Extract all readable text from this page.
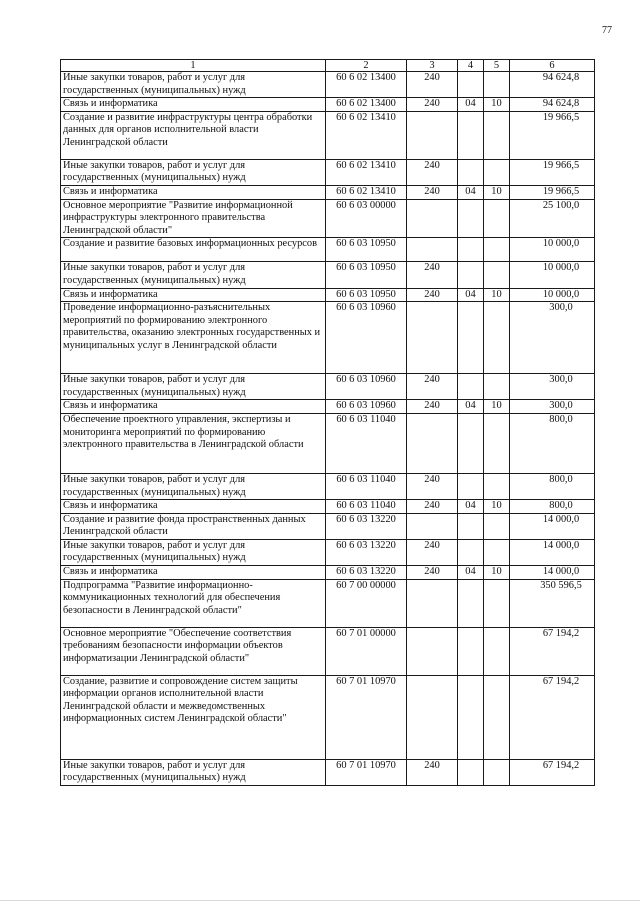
77
1	2	3	4	5	6
Иные закупки товаров, работ и услуг для государственных (муниципальных) нужд	60 6 02 13400	240			94 624,8
Связь и информатика	60 6 02 13400	240	04	10	94 624,8
Создание и развитие инфраструктуры центра обработки данных для органов исполнительной власти Ленинградской области	60 6 02 13410				19 966,5
Иные закупки товаров, работ и услуг для государственных (муниципальных) нужд	60 6 02 13410	240			19 966,5
Связь и информатика	60 6 02 13410	240	04	10	19 966,5
Основное мероприятие "Развитие информационной инфраструктуры электронного правительства Ленинградской области"	60 6 03 00000				25 100,0
Создание и развитие базовых информационных ресурсов	60 6 03 10950				10 000,0
Иные закупки товаров, работ и услуг для государственных (муниципальных) нужд	60 6 03 10950	240			10 000,0
Связь и информатика	60 6 03 10950	240	04	10	10 000,0
Проведение информационно-разъяснительных мероприятий по формированию электронного правительства, оказанию электронных государственных и муниципальных услуг в Ленинградской области	60 6 03 10960				300,0
Иные закупки товаров, работ и услуг для государственных (муниципальных) нужд	60 6 03 10960	240			300,0
Связь и информатика	60 6 03 10960	240	04	10	300,0
Обеспечение проектного управления, экспертизы и мониторинга мероприятий по формированию электронного правительства в Ленинградской области	60 6 03 11040				800,0
Иные закупки товаров, работ и услуг для государственных (муниципальных) нужд	60 6 03 11040	240			800,0
Связь и информатика	60 6 03 11040	240	04	10	800,0
Создание и развитие фонда пространственных данных Ленинградской области	60 6 03 13220				14 000,0
Иные закупки товаров, работ и услуг для государственных (муниципальных) нужд	60 6 03 13220	240			14 000,0
Связь и информатика	60 6 03 13220	240	04	10	14 000,0
Подпрограмма "Развитие информационно-коммуникационных технологий для обеспечения безопасности в Ленинградской области"	60 7 00 00000				350 596,5
Основное мероприятие "Обеспечение соответствия требованиям безопасности информации объектов информатизации Ленинградской области"	60 7 01 00000				67 194,2
Создание, развитие и сопровождение систем защиты информации органов исполнительной власти Ленинградской области и межведомственных информационных систем Ленинградской области"	60 7 01 10970				67 194,2
Иные закупки товаров, работ и услуг для государственных (муниципальных) нужд	60 7 01 10970	240			67 194,2
